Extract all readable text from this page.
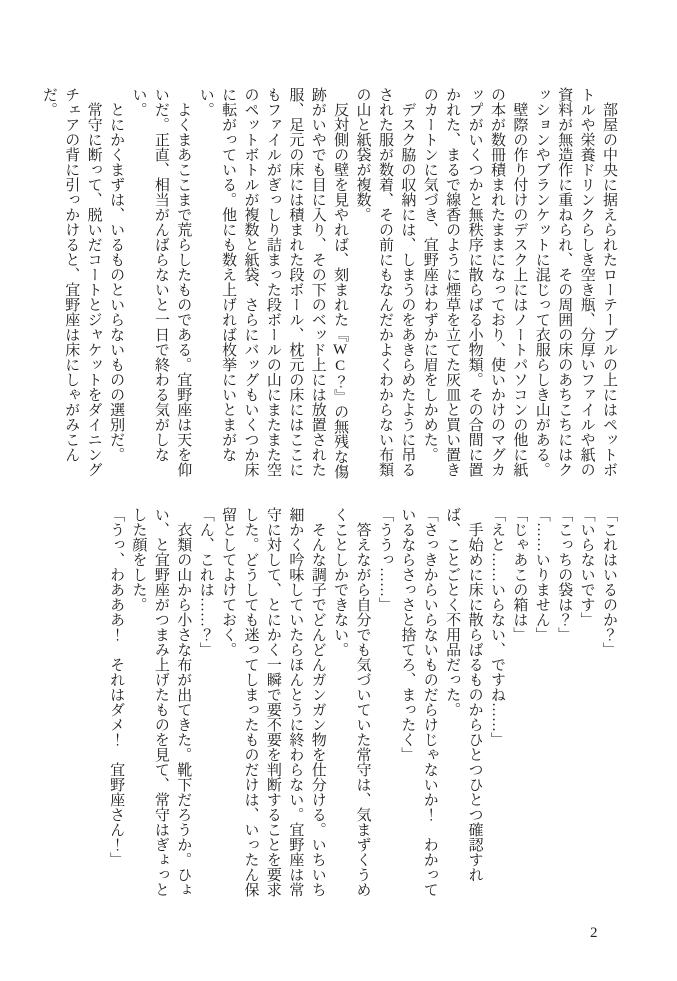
　部屋の中央に据えられたローテーブルの上にはペットボトルや栄養ドリンクらしき空き瓶、分厚いファイルや紙の資料が無造作に重ねられ、その周囲の床のあちこちにはクッションやブランケットに混じって衣服らしき山がある。

　壁際の作り付けのデスク上にはノートパソコンの他に紙の本が数冊積まれたままになっており、使いかけのマグカップがいくつかと無秩序に散らばる小物類。その合間に置かれた、まるで線香のように煙草を立てた灰皿と買い置きのカートンに気づき、宜野座はわずかに眉をしかめた。

　デスク脇の収納には、しまうのをあきらめたように吊るされた服が数着、その前にもなんだかよくわからない布類の山と紙袋が複数。

　反対側の壁を見やれば、刻まれた『WC？』の無残な傷跡がいやでも目に入り、その下のベッド上には放置された服、足元の床には積まれた段ボール、枕元の床にはここにもファイルがぎっしり詰まった段ボールの山にまたまた空のペットボトルが複数と紙袋、さらにバッグもいくつか床に転がっている。他にも数え上げれば枚挙にいとまがない。

　よくまあここまで荒らしたものである。宜野座は天を仰いだ。正直、相当がんばらないと一日で終わる気がしない。

　とにかくまずは、いるものといらないものの選別だ。

　常守に断って、脱いだコートとジャケットをダイニングチェアの背に引っかけると、宜野座は床にしゃがみこんだ。

「これはいるのか？」

「いらないです」

「こっちの袋は？」

「……いりません」

「じゃあこの箱は」

「えと……いらない、ですね……」

　手始めに床に散らばるものからひとつひとつ確認すれば、ことごとく不用品だった。

「さっきからいらないものだらけじゃないか！　わかっているならさっさと捨てろ、まったく」

「ううっ……」

　答えながら自分でも気づいていた常守は、気まずくうめくことしかできない。

　そんな調子でどんどんガンガン物を仕分ける。いちいち細かく吟味していたらほんとうに終わらない。宜野座は常守に対して、とにかく一瞬で要不要を判断することを要求した。どうしても迷ってしまったものだけは、いったん保留としてよけておく。

「ん、これは……？」

　衣類の山から小さな布が出てきた。靴下だろうか。ひょい、と宜野座がつまみ上げたものを見て、常守はぎょっとした顔をした。

「うっ、わあああ！　それはダメ！　宜野座さん！」

2
